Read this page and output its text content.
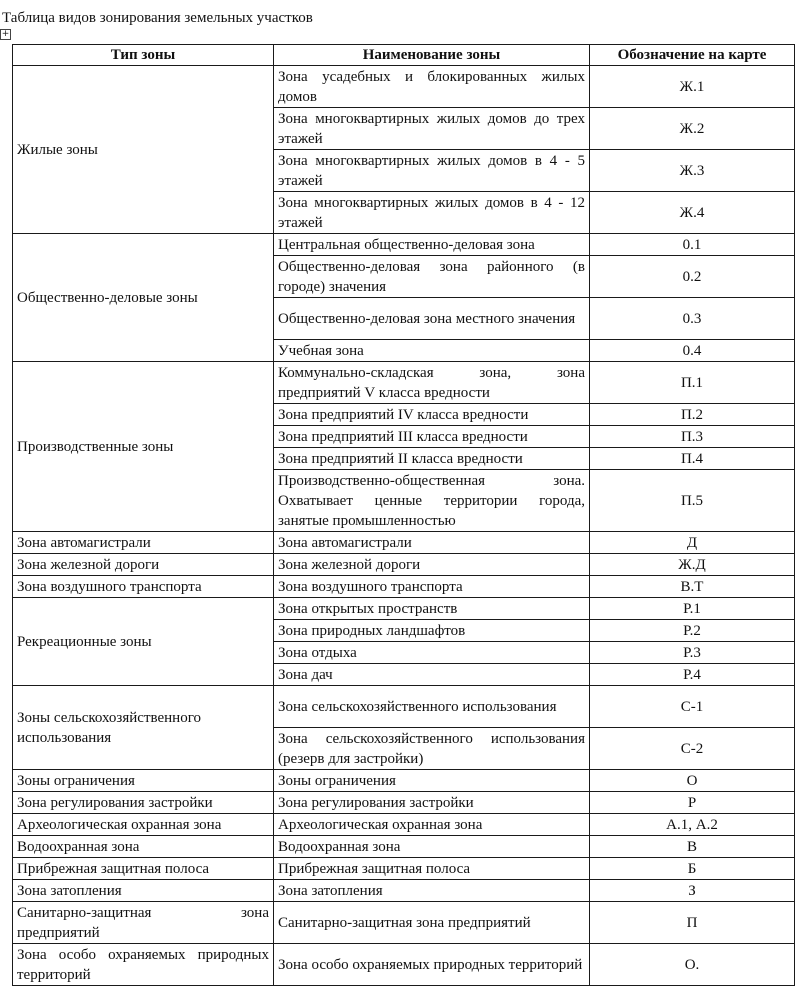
Таблица видов зонирования земельных участков
+
Тип зоны	Наименование зоны	Обозначение на карте
Жилые зоны	Зона усадебных и блокированных жилых домов	Ж.1
	Зона многоквартирных жилых домов до трех этажей	Ж.2
	Зона многоквартирных жилых домов в 4 - 5 этажей	Ж.3
	Зона многоквартирных жилых домов в 4 - 12 этажей	Ж.4
Общественно-деловые зоны	Центральная общественно-деловая зона	0.1
	Общественно-деловая зона районного (в городе) значения	0.2
	Общественно-деловая зона местного значения	0.3
	Учебная зона	0.4
Производственные зоны	Коммунально-складская зона, зона предприятий V класса вредности	П.1
	Зона предприятий IV класса вредности	П.2
	Зона предприятий III класса вредности	П.3
	Зона предприятий II класса вредности	П.4
	Производственно-общественная зона. Охватывает ценные территории города, занятые промышленностью	П.5
Зона автомагистрали	Зона автомагистрали	Д
Зона железной дороги	Зона железной дороги	Ж.Д
Зона воздушного транспорта	Зона воздушного транспорта	В.Т
Рекреационные зоны	Зона открытых пространств	Р.1
	Зона природных ландшафтов	Р.2
	Зона отдыха	Р.3
	Зона дач	Р.4
Зоны сельскохозяйственного использования	Зона сельскохозяйственного использования	С-1
	Зона сельскохозяйственного использования (резерв для застройки)	С-2
Зоны ограничения	Зоны ограничения	О
Зона регулирования застройки	Зона регулирования застройки	Р
Археологическая охранная зона	Археологическая охранная зона	А.1, А.2
Водоохранная зона	Водоохранная зона	В
Прибрежная защитная полоса	Прибрежная защитная полоса	Б
Зона затопления	Зона затопления	З
Санитарно-защитная зона предприятий	Санитарно-защитная зона предприятий	П
Зона особо охраняемых природных территорий	Зона особо охраняемых природных территорий	О.
